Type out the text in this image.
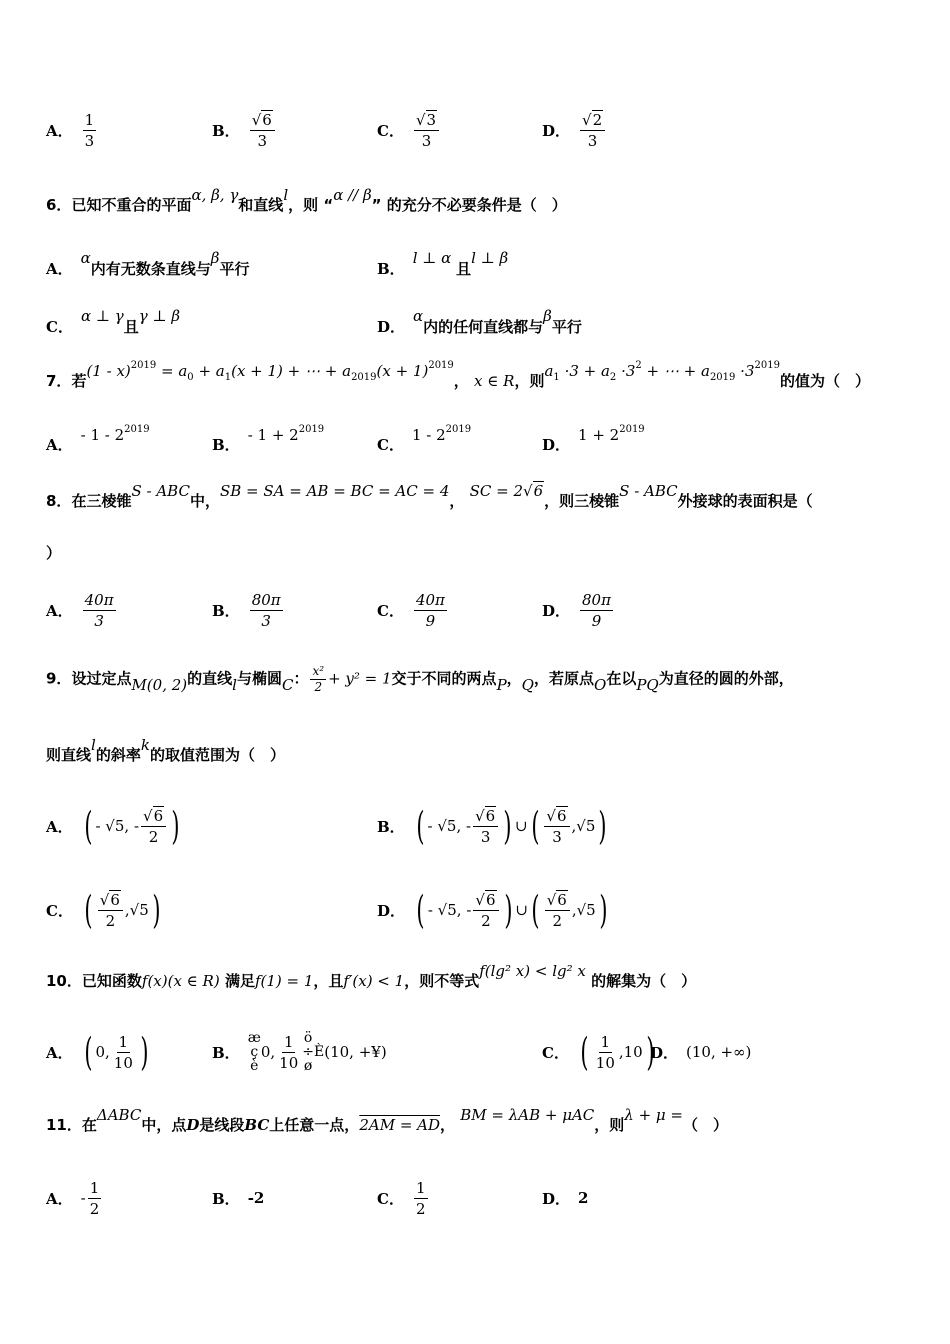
A． $\frac{1}{3}$	B． $\frac{√6}{3}$	C． $\frac{√3}{3}$	D． $\frac{√2}{3}$
6．已知不重合的平面α, β, γ和直线l，则 “α // β” 的充分不必要条件是（　）
A．
α
内有无数条直线与
β
平行	B．
l ⊥ α

且
l ⊥ β
C．
α ⊥ γ
且
γ ⊥ β
D．
α
内的任何直线都与
β
平行
7．若$(1 - x)^{2019} = a_0 + a_1(x + 1)$ + ⋯ + $a_{2019}(x + 1)^{2019}$， x ∈ R，则$a_1 \cdot 3 + a_2 \cdot 3^2$ + ⋯ + $a_{2019} \cdot 3^{2019}$的值为（　）
A．
- $1 - 2^{2019}$
B．
- $1 + 2^{2019}$
C．
$1 - 2^{2019}$
D．
$1 + 2^{2019}$
8．在三棱锥S - ABC中，SB = SA = AB = BC = AC = 4， SC = 2√6，则三棱锥S - ABC外接球的表面积是（
）
A． $\frac{40\pi}{3}$	B． $\frac{80\pi}{3}$	C． $\frac{40\pi}{9}$	D． $\frac{80\pi}{9}$
9．设过定点M(0, 2)的直线l与椭圆C： $\frac{\text{x²}}{2} + y^2 = 1$交于不同的两点P，Q，若原点O在以PQ为直径的圆的外部，
则直线l的斜率k的取值范围为（　）
A． ( - √5, - $\frac{√6}{2}$ )	B． ( - √5, - $\frac{√6}{3}$ ) ∪ ( $\frac{√6}{3}$ , √5 )
C． ( $\frac{√6}{2}$ , √5 )	D． ( - √5, - $\frac{√6}{2}$ ) ∪ ( $\frac{√6}{2}$ , √5 )
10．已知函数f(x)(x ∈ R) 满足f(1) = 1，且f′(x) < 1，则不等式f(lg² x) < lg² x 的解集为（　）
A． ( 0, $\frac{1}{10}$ )	B．
æ
ç
è
0, $\frac{1}{10}$ ö
÷
ø
È (10, +¥)	C． ( $\frac{1}{10} ,10$ )
D． (10, +∞)
11．在ΔABC中，点D是线段BC上任意一点，2AM = AD， BM = λAB + μAC，则λ + μ =（　）
A． - $\frac{1}{2}$	B． -2	C． $\frac{1}{2}$	D． 2
